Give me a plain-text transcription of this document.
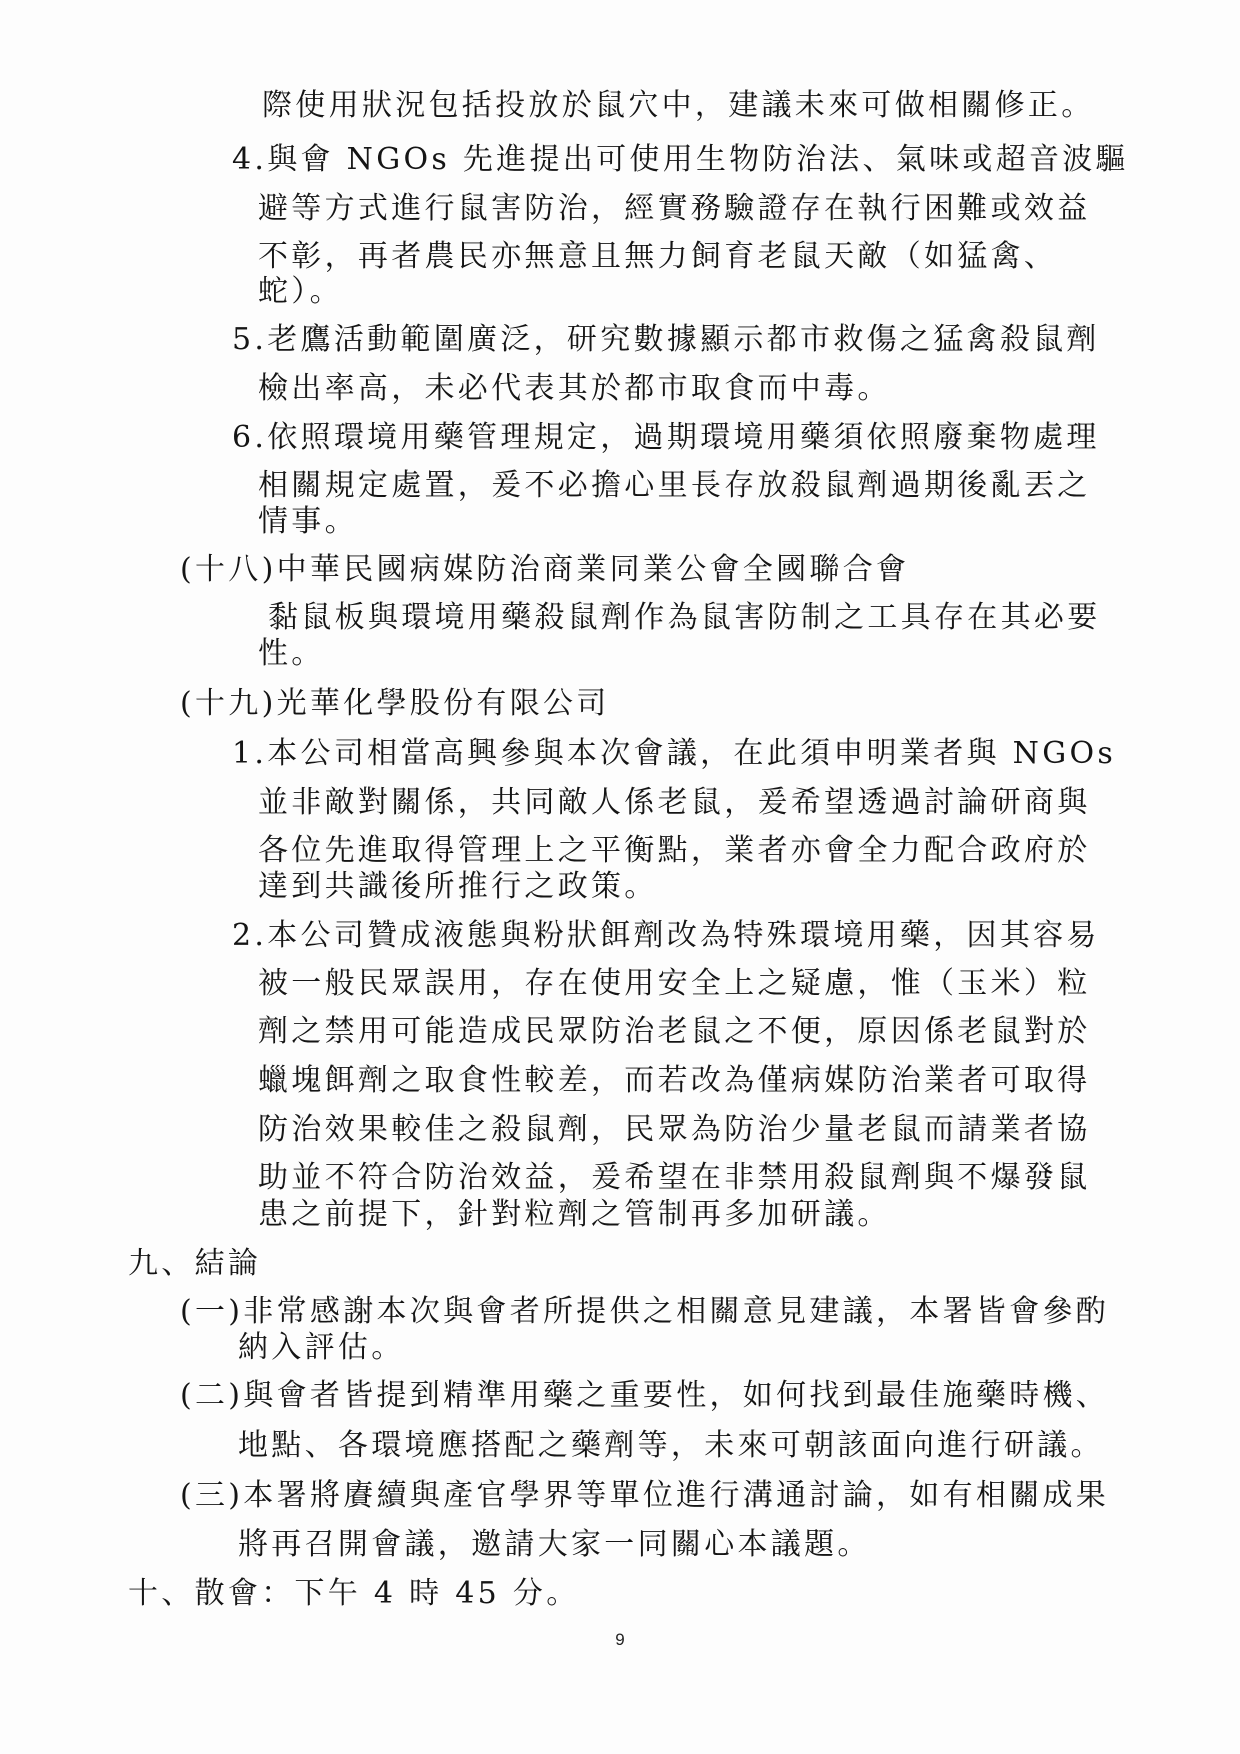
際使用狀況包括投放於鼠穴中，建議未來可做相關修正。
4.與會 NGOs 先進提出可使用生物防治法、氣味或超音波驅
避等方式進行鼠害防治，經實務驗證存在執行困難或效益
不彰，再者農民亦無意且無力飼育老鼠天敵（如猛禽、
蛇）。
5.老鷹活動範圍廣泛，研究數據顯示都市救傷之猛禽殺鼠劑
檢出率高，未必代表其於都市取食而中毒。
6.依照環境用藥管理規定，過期環境用藥須依照廢棄物處理
相關規定處置，爰不必擔心里長存放殺鼠劑過期後亂丟之
情事。
(十八)中華民國病媒防治商業同業公會全國聯合會
黏鼠板與環境用藥殺鼠劑作為鼠害防制之工具存在其必要
性。
(十九)光華化學股份有限公司
1.本公司相當高興參與本次會議，在此須申明業者與 NGOs
並非敵對關係，共同敵人係老鼠，爰希望透過討論研商與
各位先進取得管理上之平衡點，業者亦會全力配合政府於
達到共識後所推行之政策。
2.本公司贊成液態與粉狀餌劑改為特殊環境用藥，因其容易
被一般民眾誤用，存在使用安全上之疑慮，惟（玉米）粒
劑之禁用可能造成民眾防治老鼠之不便，原因係老鼠對於
蠟塊餌劑之取食性較差，而若改為僅病媒防治業者可取得
防治效果較佳之殺鼠劑，民眾為防治少量老鼠而請業者協
助並不符合防治效益，爰希望在非禁用殺鼠劑與不爆發鼠
患之前提下，針對粒劑之管制再多加研議。
九、結論
(一)非常感謝本次與會者所提供之相關意見建議，本署皆會參酌
納入評估。
(二)與會者皆提到精準用藥之重要性，如何找到最佳施藥時機、
地點、各環境應搭配之藥劑等，未來可朝該面向進行研議。
(三)本署將賡續與產官學界等單位進行溝通討論，如有相關成果
將再召開會議，邀請大家一同關心本議題。
十、散會：下午 4 時 45 分。
9
